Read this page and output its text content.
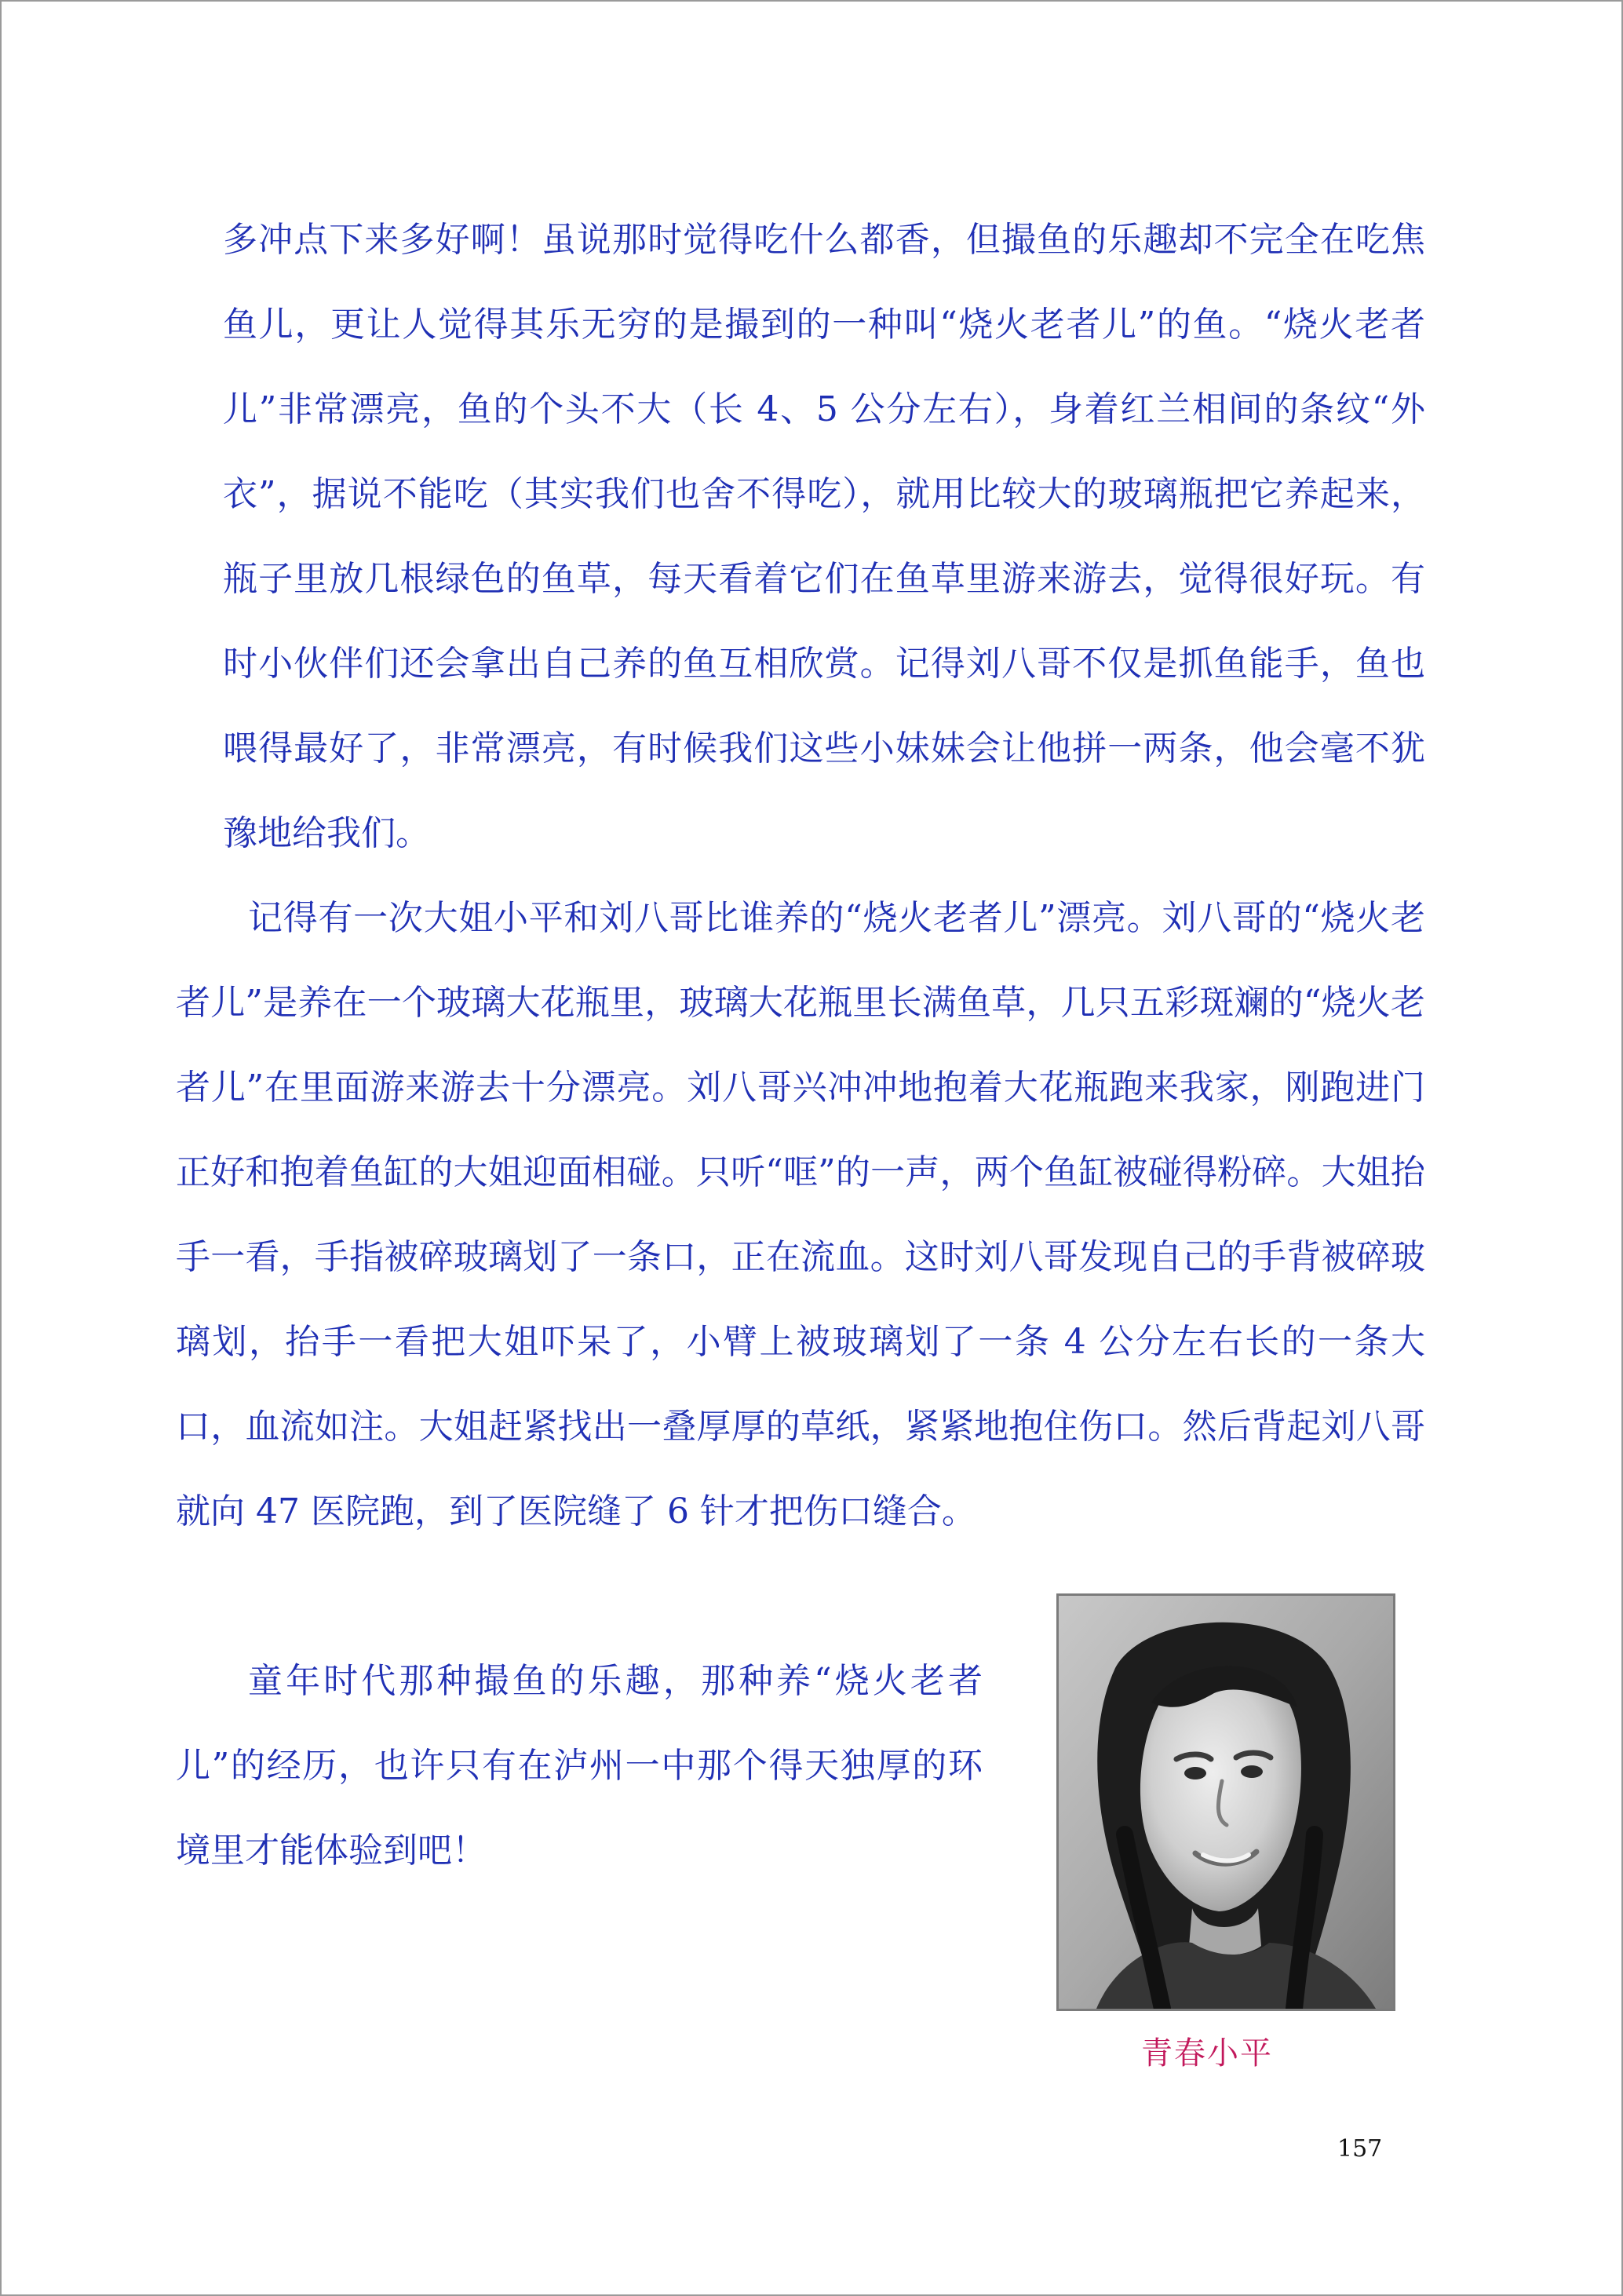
多冲点下来多好啊！虽说那时觉得吃什么都香，但撮鱼的乐趣却不完全在吃焦鱼儿，更让人觉得其乐无穷的是撮到的一种叫“烧火老者儿”的鱼。“烧火老者儿”非常漂亮，鱼的个头不大（长 4、5 公分左右），身着红兰相间的条纹“外衣”，据说不能吃（其实我们也舍不得吃），就用比较大的玻璃瓶把它养起来，瓶子里放几根绿色的鱼草，每天看着它们在鱼草里游来游去，觉得很好玩。有时小伙伴们还会拿出自己养的鱼互相欣赏。记得刘八哥不仅是抓鱼能手，鱼也喂得最好了，非常漂亮，有时候我们这些小妹妹会让他拼一两条，他会毫不犹豫地给我们。

记得有一次大姐小平和刘八哥比谁养的“烧火老者儿”漂亮。刘八哥的“烧火老者儿”是养在一个玻璃大花瓶里，玻璃大花瓶里长满鱼草，几只五彩斑斓的“烧火老者儿”在里面游来游去十分漂亮。刘八哥兴冲冲地抱着大花瓶跑来我家，刚跑进门正好和抱着鱼缸的大姐迎面相碰。只听“哐”的一声，两个鱼缸被碰得粉碎。大姐抬手一看，手指被碎玻璃划了一条口，正在流血。这时刘八哥发现自己的手背被碎玻璃划，抬手一看把大姐吓呆了，小臂上被玻璃划了一条 4 公分左右长的一条大口，血流如注。大姐赶紧找出一叠厚厚的草纸，紧紧地抱住伤口。然后背起刘八哥就向 47 医院跑，到了医院缝了 6 针才把伤口缝合。

童年时代那种撮鱼的乐趣，那种养“烧火老者儿”的经历，也许只有在泸州一中那个得天独厚的环境里才能体验到吧！

青春小平

157
